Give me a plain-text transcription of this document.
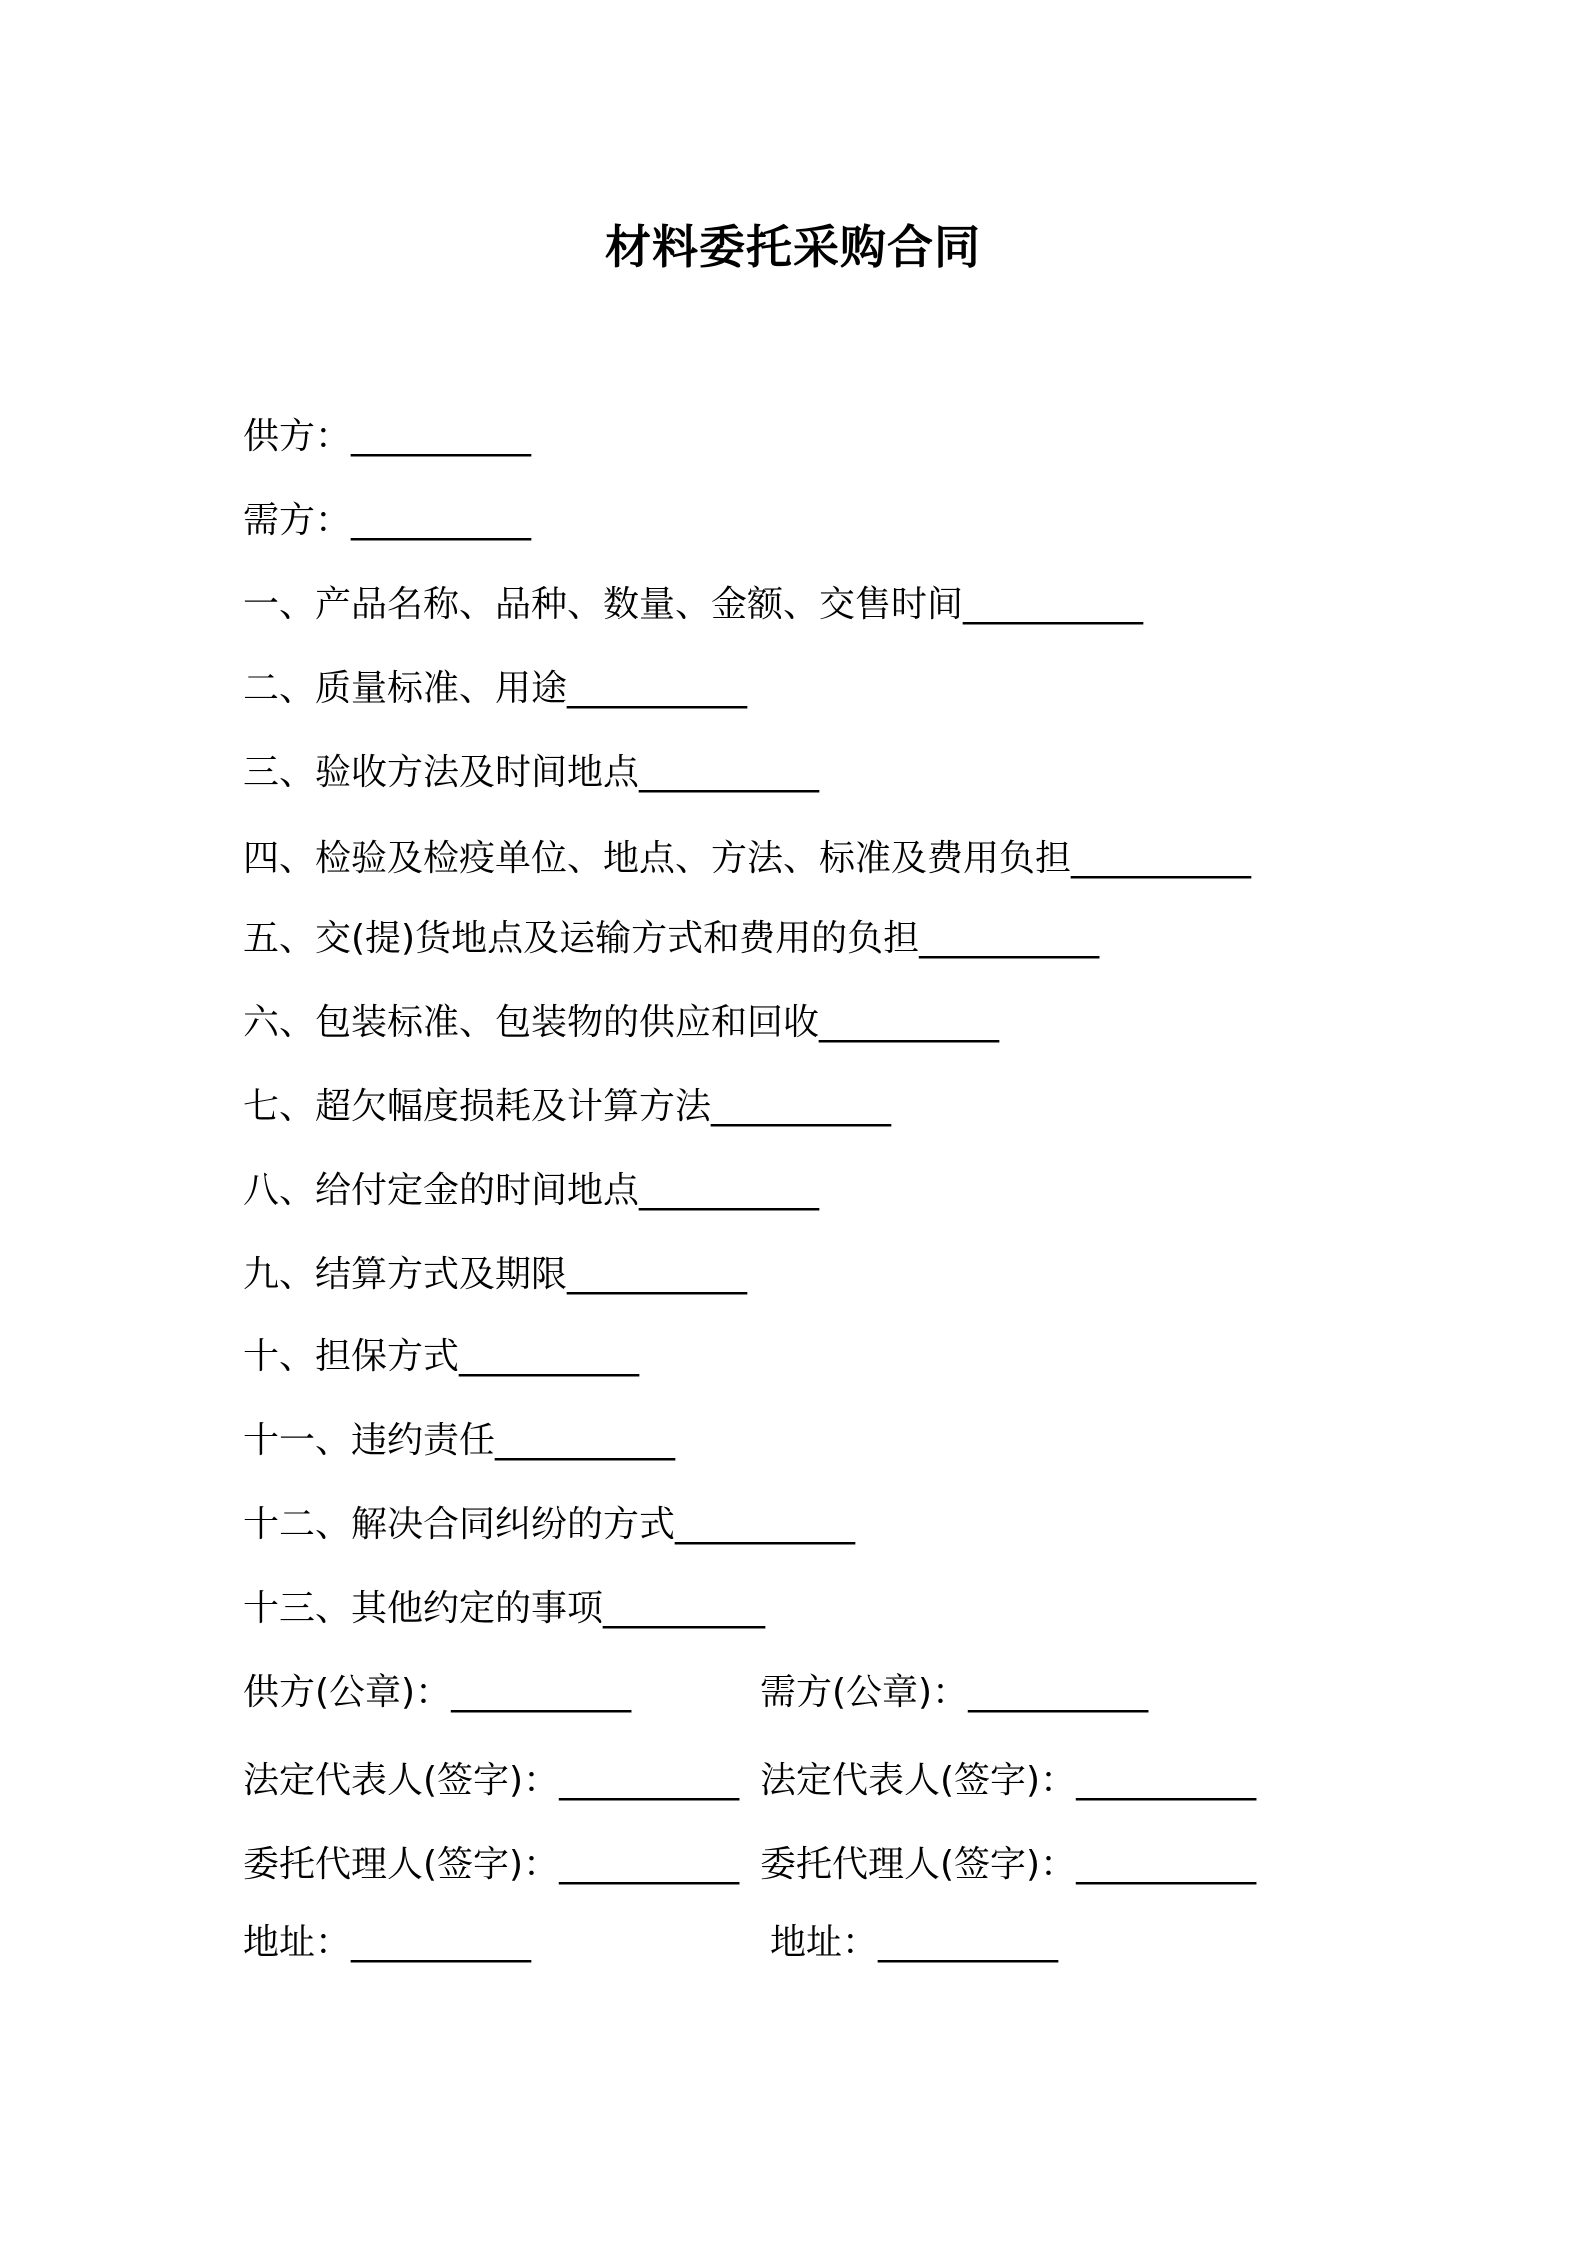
材料委托采购合同

供方：__________

需方：__________

一、产品名称、品种、数量、金额、交售时间__________

二、质量标准、用途__________

三、验收方法及时间地点__________

四、检验及检疫单位、地点、方法、标准及费用负担__________

五、交(提)货地点及运输方式和费用的负担__________

六、包装标准、包装物的供应和回收__________

七、超欠幅度损耗及计算方法__________

八、给付定金的时间地点__________

九、结算方式及期限__________

十、担保方式__________

十一、违约责任__________

十二、解决合同纠纷的方式__________

十三、其他约定的事项_________

供方(公章)：__________	需方(公章)：__________

法定代表人(签字)：__________ 法定代表人(签字)：__________

委托代理人(签字)：__________ 委托代理人(签字)：__________

地址：__________	地址：__________
